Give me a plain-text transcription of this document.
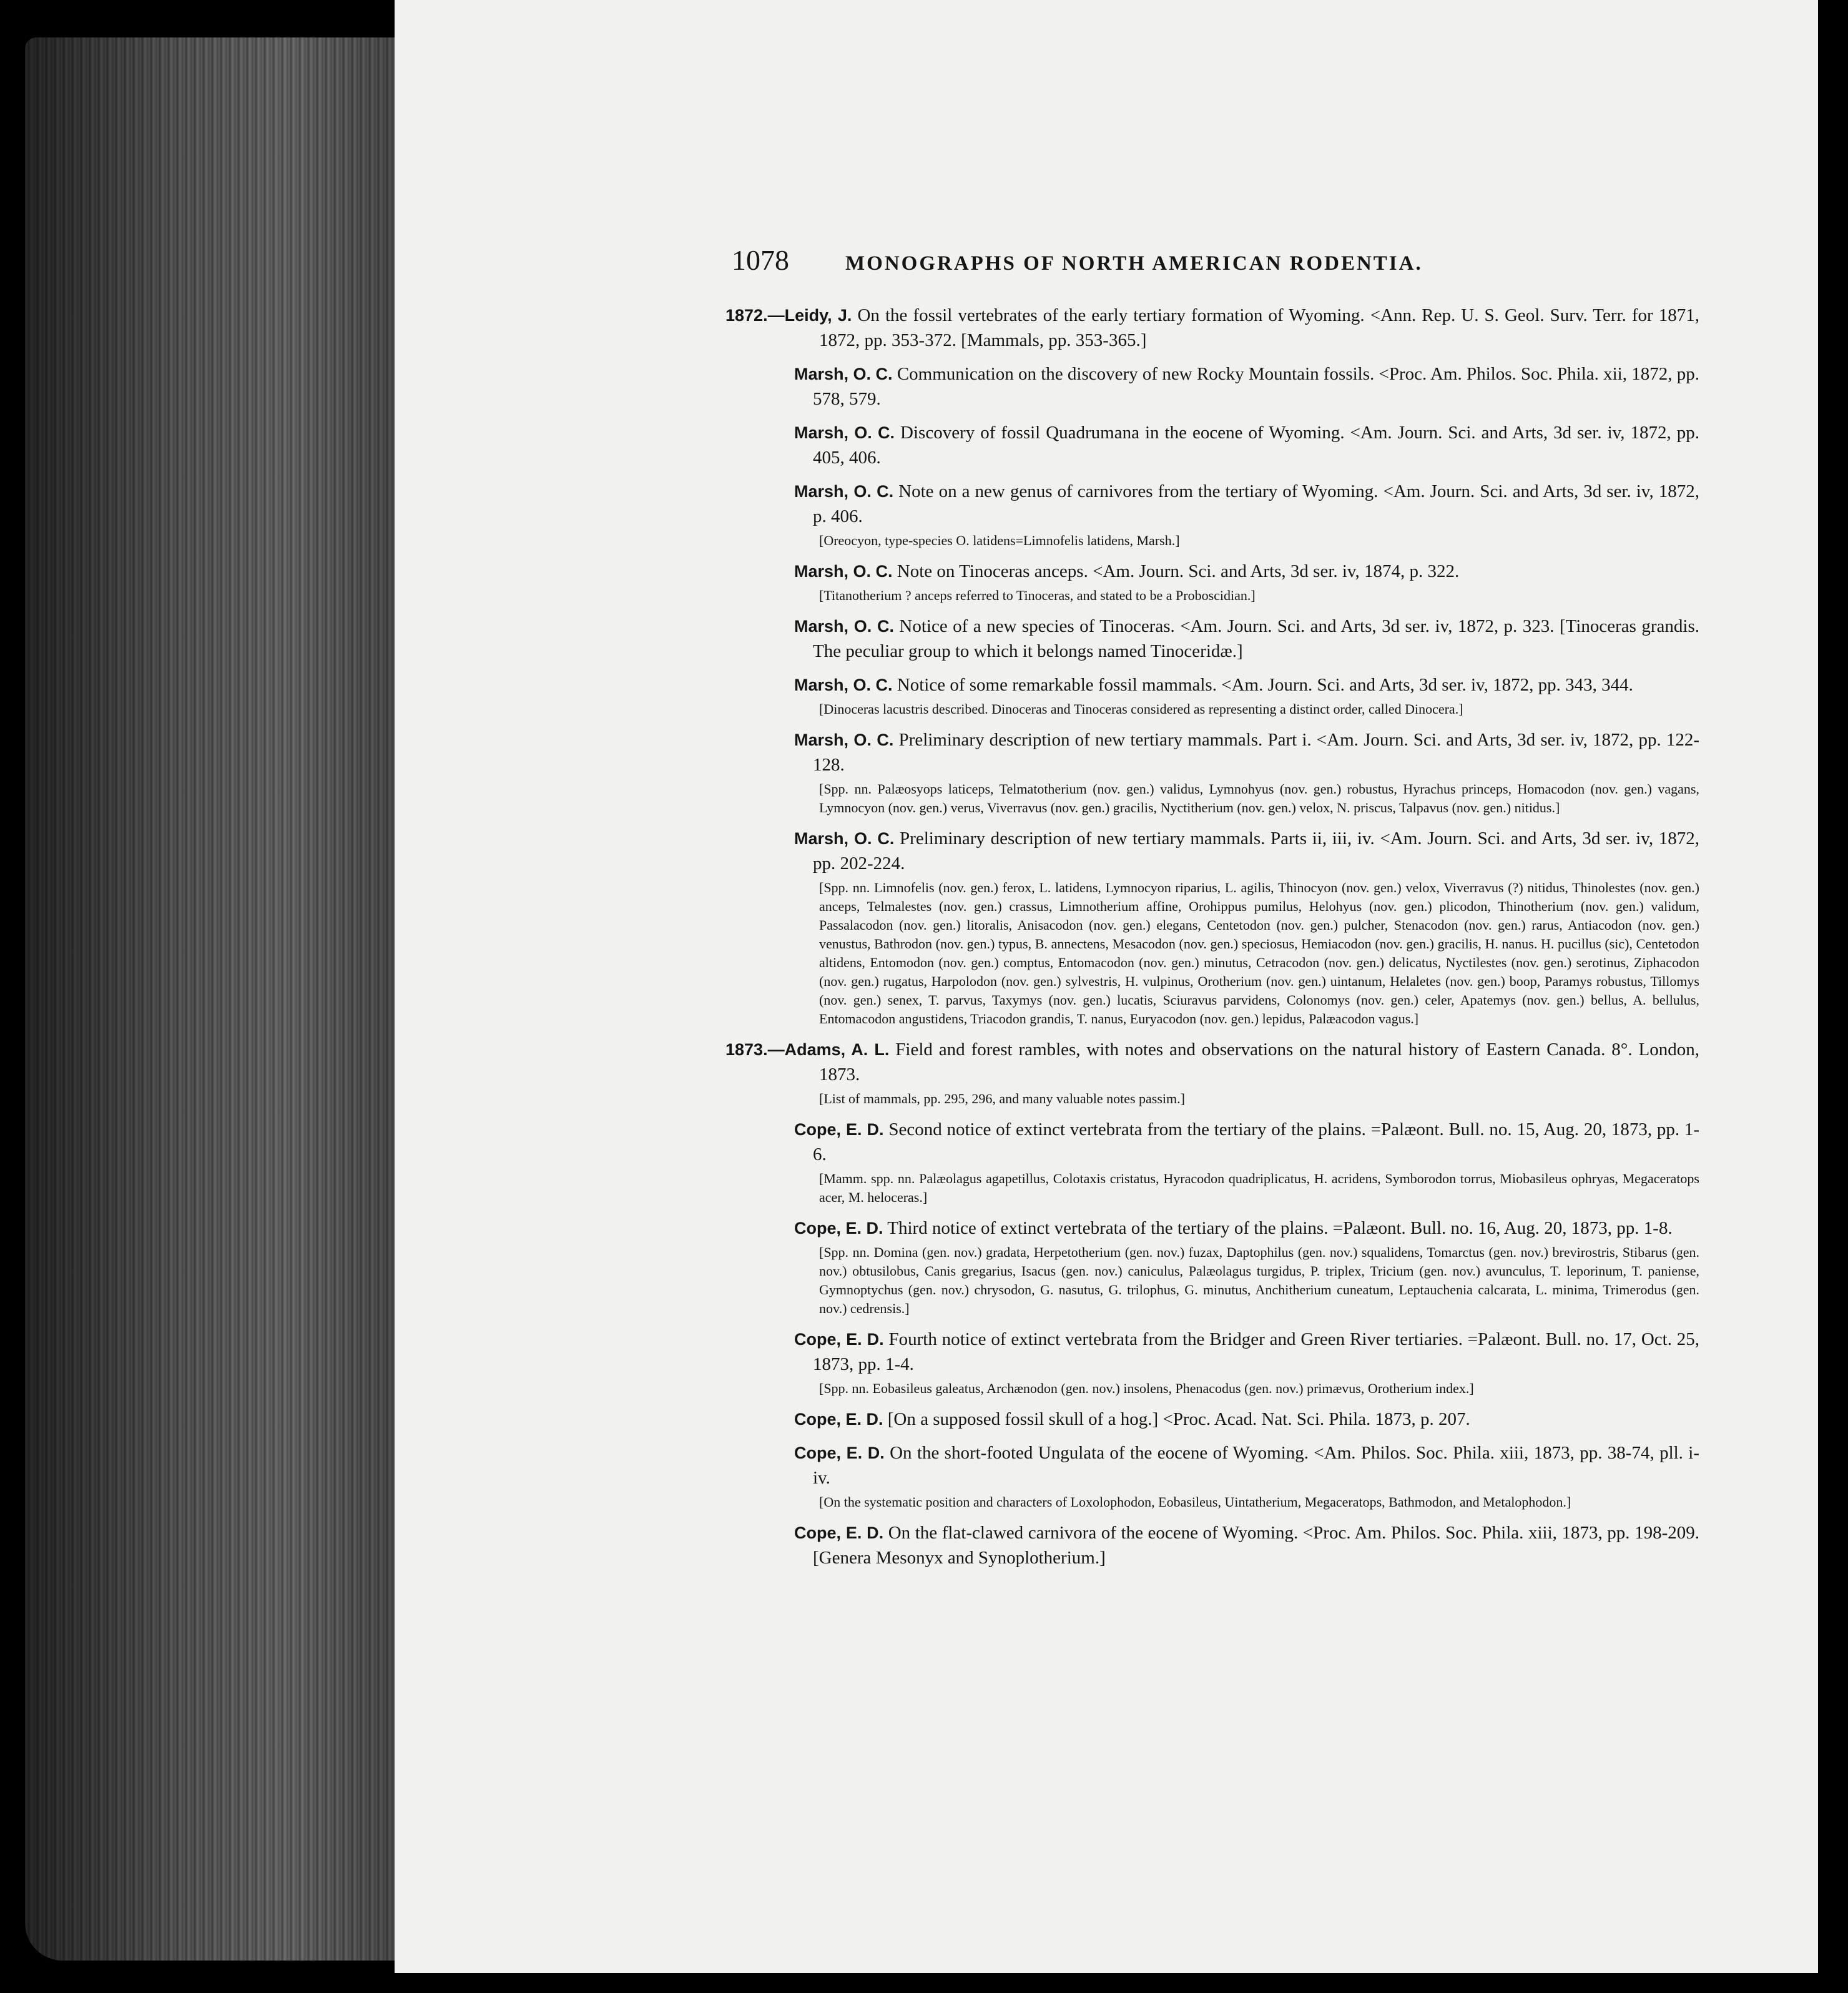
1078	MONOGRAPHS OF NORTH AMERICAN RODENTIA.
1872.—Leidy, J. On the fossil vertebrates of the early tertiary formation of Wyoming. <Ann. Rep. U. S. Geol. Surv. Terr. for 1871, 1872, pp. 353-372. [Mammals, pp. 353-365.]
Marsh, O. C. Communication on the discovery of new Rocky Mountain fossils. <Proc. Am. Philos. Soc. Phila. xii, 1872, pp. 578, 579.
Marsh, O. C. Discovery of fossil Quadrumana in the eocene of Wyoming. <Am. Journ. Sci. and Arts, 3d ser. iv, 1872, pp. 405, 406.
Marsh, O. C. Note on a new genus of carnivores from the tertiary of Wyoming. <Am. Journ. Sci. and Arts, 3d ser. iv, 1872, p. 406.
[Oreocyon, type-species O. latidens=Limnofelis latidens, Marsh.]
Marsh, O. C. Note on Tinoceras anceps. <Am. Journ. Sci. and Arts, 3d ser. iv, 1874, p. 322.
[Titanotherium ? anceps referred to Tinoceras, and stated to be a Proboscidian.]
Marsh, O. C. Notice of a new species of Tinoceras. <Am. Journ. Sci. and Arts, 3d ser. iv, 1872, p. 323. [Tinoceras grandis. The peculiar group to which it belongs named Tinoceridæ.]
Marsh, O. C. Notice of some remarkable fossil mammals. <Am. Journ. Sci. and Arts, 3d ser. iv, 1872, pp. 343, 344.
[Dinoceras lacustris described. Dinoceras and Tinoceras considered as representing a distinct order, called Dinocera.]
Marsh, O. C. Preliminary description of new tertiary mammals. Part i. <Am. Journ. Sci. and Arts, 3d ser. iv, 1872, pp. 122-128.
[Spp. nn. Palæosyops laticeps, Telmatotherium (nov. gen.) validus, Lymnohyus (nov. gen.) robustus, Hyrachus princeps, Homacodon (nov. gen.) vagans, Lymnocyon (nov. gen.) verus, Viverravus (nov. gen.) gracilis, Nyctitherium (nov. gen.) velox, N. priscus, Talpavus (nov. gen.) nitidus.]
Marsh, O. C. Preliminary description of new tertiary mammals. Parts ii, iii, iv. <Am. Journ. Sci. and Arts, 3d ser. iv, 1872, pp. 202-224.
[Spp. nn. Limnofelis (nov. gen.) ferox, L. latidens, Lymnocyon riparius, L. agilis, Thinocyon (nov. gen.) velox, Viverravus (?) nitidus, Thinolestes (nov. gen.) anceps, Telmalestes (nov. gen.) crassus, Limnotherium affine, Orohippus pumilus, Helohyus (nov. gen.) plicodon, Thinotherium (nov. gen.) validum, Passalacodon (nov. gen.) litoralis, Anisacodon (nov. gen.) elegans, Centetodon (nov. gen.) pulcher, Stenacodon (nov. gen.) rarus, Antiacodon (nov. gen.) venustus, Bathrodon (nov. gen.) typus, B. annectens, Mesacodon (nov. gen.) speciosus, Hemiacodon (nov. gen.) gracilis, H. nanus. H. pucillus (sic), Centetodon altidens, Entomodon (nov. gen.) comptus, Entomacodon (nov. gen.) minutus, Cetracodon (nov. gen.) delicatus, Nyctilestes (nov. gen.) serotinus, Ziphacodon (nov. gen.) rugatus, Harpolodon (nov. gen.) sylvestris, H. vulpinus, Orotherium (nov. gen.) uintanum, Helaletes (nov. gen.) boop, Paramys robustus, Tillomys (nov. gen.) senex, T. parvus, Taxymys (nov. gen.) lucatis, Sciuravus parvidens, Colonomys (nov. gen.) celer, Apatemys (nov. gen.) bellus, A. bellulus, Entomacodon angustidens, Triacodon grandis, T. nanus, Euryacodon (nov. gen.) lepidus, Palæacodon vagus.]
1873.—Adams, A. L. Field and forest rambles, with notes and observations on the natural history of Eastern Canada. 8°. London, 1873.
[List of mammals, pp. 295, 296, and many valuable notes passim.]
Cope, E. D. Second notice of extinct vertebrata from the tertiary of the plains. =Palæont. Bull. no. 15, Aug. 20, 1873, pp. 1-6.
[Mamm. spp. nn. Palæolagus agapetillus, Colotaxis cristatus, Hyracodon quadriplicatus, H. acridens, Symborodon torrus, Miobasileus ophryas, Megaceratops acer, M. heloceras.]
Cope, E. D. Third notice of extinct vertebrata of the tertiary of the plains. =Palæont. Bull. no. 16, Aug. 20, 1873, pp. 1-8.
[Spp. nn. Domina (gen. nov.) gradata, Herpetotherium (gen. nov.) fuzax, Daptophilus (gen. nov.) squalidens, Tomarctus (gen. nov.) brevirostris, Stibarus (gen. nov.) obtusilobus, Canis gregarius, Isacus (gen. nov.) caniculus, Palæolagus turgidus, P. triplex, Tricium (gen. nov.) avunculus, T. leporinum, T. paniense, Gymnoptychus (gen. nov.) chrysodon, G. nasutus, G. trilophus, G. minutus, Anchitherium cuneatum, Leptauchenia calcarata, L. minima, Trimerodus (gen. nov.) cedrensis.]
Cope, E. D. Fourth notice of extinct vertebrata from the Bridger and Green River tertiaries. =Palæont. Bull. no. 17, Oct. 25, 1873, pp. 1-4.
[Spp. nn. Eobasileus galeatus, Archænodon (gen. nov.) insolens, Phenacodus (gen. nov.) primævus, Orotherium index.]
Cope, E. D. [On a supposed fossil skull of a hog.] <Proc. Acad. Nat. Sci. Phila. 1873, p. 207.
Cope, E. D. On the short-footed Ungulata of the eocene of Wyoming. <Am. Philos. Soc. Phila. xiii, 1873, pp. 38-74, pll. i-iv.
[On the systematic position and characters of Loxolophodon, Eobasileus, Uintatherium, Megaceratops, Bathmodon, and Metalophodon.]
Cope, E. D. On the flat-clawed carnivora of the eocene of Wyoming. <Proc. Am. Philos. Soc. Phila. xiii, 1873, pp. 198-209. [Genera Mesonyx and Synoplotherium.]
